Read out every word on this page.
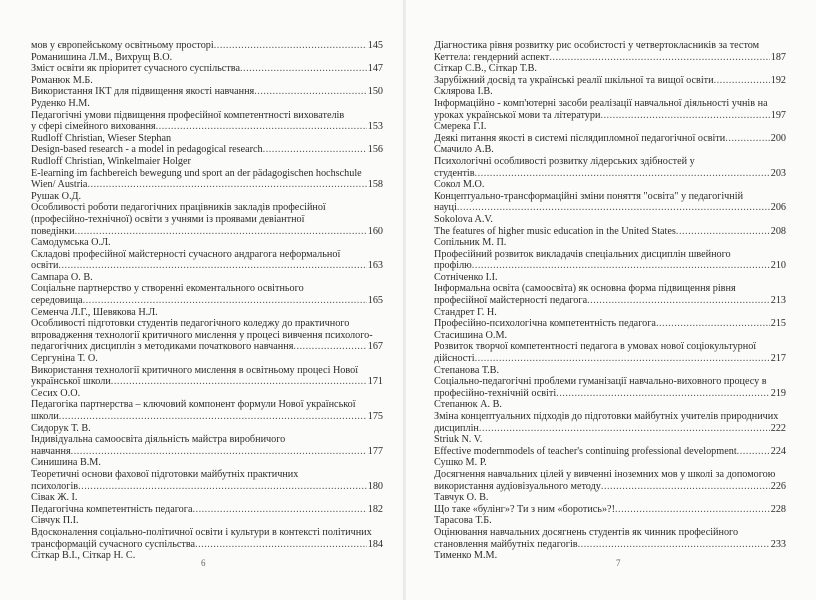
мов у європейському освітньому просторі .....	145
Романишина Л.М., Вихрущ В.О.
Зміст освіти як пріоритет сучасного суспільства .....	147
Романюк М.Б.
Використання ІКТ для підвищення якості навчання .....	150
Руденко Н.М.
Педагогічні умови підвищення професійної компетентності вихователів
у сфері сімейного виховання .....	153
Rudloff Christian, Wieser Stephan
Design-based research - a model in pedagogical research .....	156
Rudloff Christian, Winkelmaier Holger
E-learning im fachbereich bewegung und sport an der pädagogischen hochschule
Wien/ Austria .....	158
Рушак О.Д.
Особливості роботи педагогічних працівників закладів професійної
(професійно-технічної) освіти з учнями із проявами девіантної
поведінки .....	160
Самодумська О.Л.
Складові професійної майстерності сучасного андрагога неформальної
освіти .....	163
Сампара О. В.
Соціальне партнерство у створенні екоментального освітнього
середовища .....	165
Семенча Л.Г., Шевякова Н.Л.
Особливості підготовки студентів педагогічного коледжу до практичного
впровадження технології критичного мислення у процесі вивчення психолого-
педагогічних дисциплін з методиками початкового навчання .....	167
Сергуніна Т. О.
Використання технології критичного мислення в освітньому процесі Нової
української школи .....	171
Сесих О.О.
Педагогіка партнерства – ключовий компонент формули Нової української
школи .....	175
Сидорук Т. В.
Індивідуальна самоосвіта діяльність майстра виробничого
навчання .....	177
Синишина В.М.
Теоретичні основи фахової підготовки майбутніх практичних
психологів .....	180
Сівак Ж. І.
Педагогічна компетентність педагога .....	182
Сівчук П.І.
Вдосконалення соціально-політичної освіти і культури в контексті політичних
трансформацій сучасного суспільства .....	184
Сіткар В.І., Сіткар Н. С.
6
Діагностика рівня розвитку рис особистості у четвертокласників за тестом
Кеттела: гендерний аспект .....	187
Сіткар С.В., Сіткар Т.В.
Зарубіжний досвід та українські реалії шкільної та вищої освіти .....	192
Склярова І.В.
Інформаційно - комп'ютерні засоби реалізації навчальної діяльності учнів на
уроках української мови та літератури .....	197
Смерека Г.І.
Деякі питання якості в системі післядипломної педагогічної освіти .....	200
Смачило А.В.
Психологічні особливості розвитку лідерських здібностей у
студентів .....	203
Сокол М.О.
Концептуально-трансформаційні зміни поняття "освіта" у педагогічній
науці .....	206
Sokolova A.V.
The features of higher music education in the United States .....	208
Сопільник М. П.
Професійний розвиток викладачів спеціальних дисциплін швейного
профілю .....	210
Сотніченко І.І.
Інформальна освіта (самоосвіта) як основна форма підвищення рівня
професійної майстерності педагога .....	213
Стандрет Г. Н.
Професійно-психологічна компетентність педагога .....	215
Стасишина О.М.
Розвиток творчої компетентності педагога в умовах нової соціокультурної
дійсності .....	217
Степанова Т.В.
Соціально-педагогічні проблеми гуманізації навчально-виховного процесу в
професійно-технічній освіті .....	219
Степанюк А. В.
Зміна концептуальних підходів до підготовки майбутніх учителів природничих
дисциплін .....	222
Striuk N. V.
Effective modernmodels of teacher's continuing professional development .....	224
Сушко М. Р.
Досягнення навчальних цілей у вивченні іноземних мов у школі за допомогою
використання аудіовізуального методу .....	226
Тавчук О. В.
Що таке «булінг»? Ти з ним «боротись»?! .....	228
Тарасова Т.Б.
Оцінювання навчальних досягнень студентів як чинник професійного
становлення майбутніх педагогів .....	233
Тименко М.М.
7
